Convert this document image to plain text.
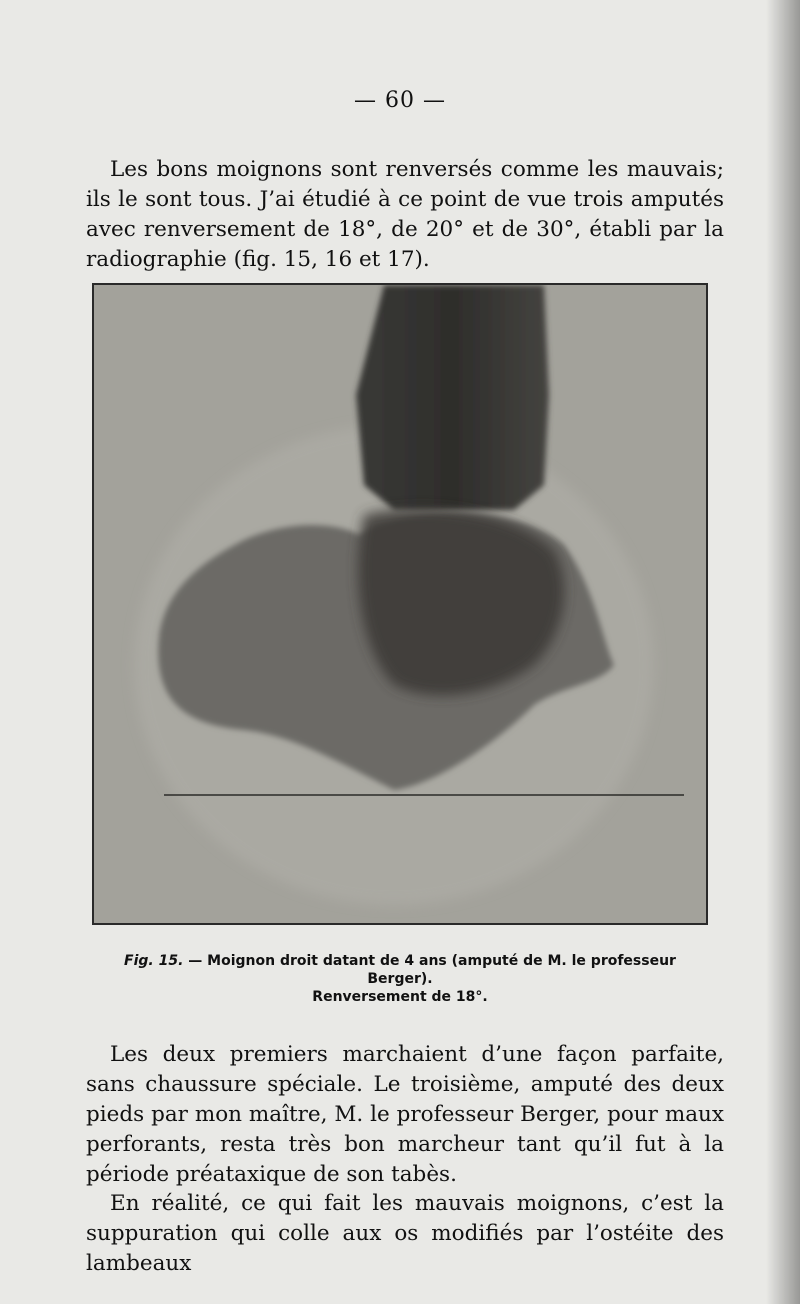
— 60 —

Les bons moignons sont renversés comme les mauvais; ils le sont tous. J’ai étudié à ce point de vue trois amputés avec renversement de 18°, de 20° et de 30°, établi par la radiographie (fig. 15, 16 et 17).

Fig. 15. — Moignon droit datant de 4 ans (amputé de M. le professeur Berger).
Renversement de 18°.

Les deux premiers marchaient d’une façon parfaite, sans chaussure spéciale. Le troisième, amputé des deux pieds par mon maître, M. le professeur Berger, pour maux perforants, resta très bon marcheur tant qu’il fut à la période préataxique de son tabès.

En réalité, ce qui fait les mauvais moignons, c’est la suppuration qui colle aux os modifiés par l’ostéite des lambeaux
